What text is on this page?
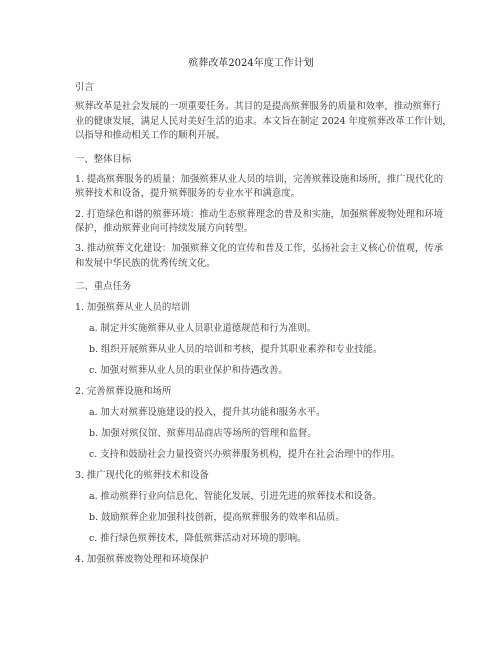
殡葬改革2024年度工作计划
引言
殡葬改革是社会发展的一项重要任务。其目的是提高殡葬服务的质量和效率，推动殡葬行
业的健康发展，满足人民对美好生活的追求。本文旨在制定 2024 年度殡葬改革工作计划，
以指导和推动相关工作的顺利开展。
一、整体目标
1. 提高殡葬服务的质量：加强殡葬从业人员的培训，完善殡葬设施和场所，推广现代化的
殡葬技术和设备，提升殡葬服务的专业水平和满意度。
2. 打造绿色和谐的殡葬环境：推动生态殡葬理念的普及和实施，加强殡葬废物处理和环境
保护，推动殡葬业向可持续发展方向转型。
3. 推动殡葬文化建设：加强殡葬文化的宣传和普及工作，弘扬社会主义核心价值观，传承
和发展中华民族的优秀传统文化。
二、重点任务
1. 加强殡葬从业人员的培训
a. 制定并实施殡葬从业人员职业道德规范和行为准则。
b. 组织开展殡葬从业人员的培训和考核，提升其职业素养和专业技能。
c. 加强对殡葬从业人员的职业保护和待遇改善。
2. 完善殡葬设施和场所
a. 加大对殡葬设施建设的投入，提升其功能和服务水平。
b. 加强对殡仪馆、殡葬用品商店等场所的管理和监督。
c. 支持和鼓励社会力量投资兴办殡葬服务机构，提升在社会治理中的作用。
3. 推广现代化的殡葬技术和设备
a. 推动殡葬行业向信息化、智能化发展，引进先进的殡葬技术和设备。
b. 鼓励殡葬企业加强科技创新，提高殡葬服务的效率和品质。
c. 推行绿色殡葬技术，降低殡葬活动对环境的影响。
4. 加强殡葬废物处理和环境保护
